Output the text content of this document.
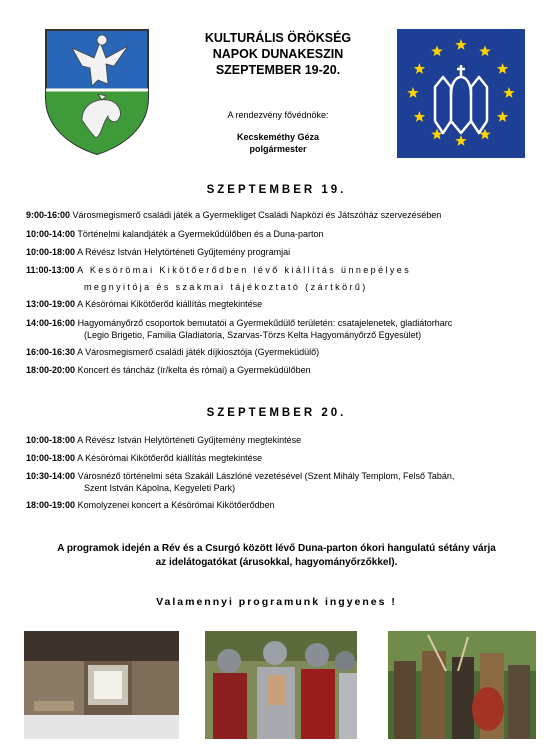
KULTURÁLIS ÖRÖKSÉG
NAPOK DUNAKESZIN
SZEPTEMBER 19-20.
A rendezvény fővédnöke:
Kecskeméthy Géza
polgármester
SZEPTEMBER 19.
9:00-16:00 Városmegismerő családi játék a Gyermekliget Családi Napközi és Játszóház szervezésében
10:00-14:00 Történelmi kalandjáték a Gyermekűdülőben és a Duna-parton
10:00-18:00 A Révész István Helytörténeti Gyűjtemény programjai
11:00-13:00 A Kesörömai Kikötőerődben lévő kiállítás ünnepélyes
megnyitója és szakmai tájékoztató (zártkörű)
13:00-19:00 A Késörómai Kikötőerőd kiállítás megtekintése
14:00-16:00 Hagyományőrző csoportok bemutatói a Gyermekűdülő területén: csatajelenetek, gladiátorharc
(Legio Brigetio, Familia Gladiatoria, Szarvas-Törzs Kelta Hagyományőrző Egyesület)
16:00-16:30 A Városmegismerő családi játék díjkiosztója (Gyermeküdülő)
18:00-20:00 Koncert és táncház (ír/kelta és római) a Gyermeküdülőben
SZEPTEMBER 20.
10:00-18:00 A Révész István Helytörténeti Gyűjtemény megtekintése
10:00-18:00 A Késörómai Kikötőerőd kiállítás megtekintése
10:30-14:00 Városnéző történelmi séta Szakáll Lászlóné vezetésével (Szent Mihály Templom, Felső Tabán,
Szent István Kápolna, Kegyeleti Park)
18:00-19:00 Komolyzenei koncert a Késörómai Kikötőerődben
A programok idején a Rév és a Csurgó között lévő Duna-parton ókori hangulatú sétány várja
az idelátogatókat (árusokkal, hagyományőrzőkkel).
Valamennyi programunk ingyenes !
